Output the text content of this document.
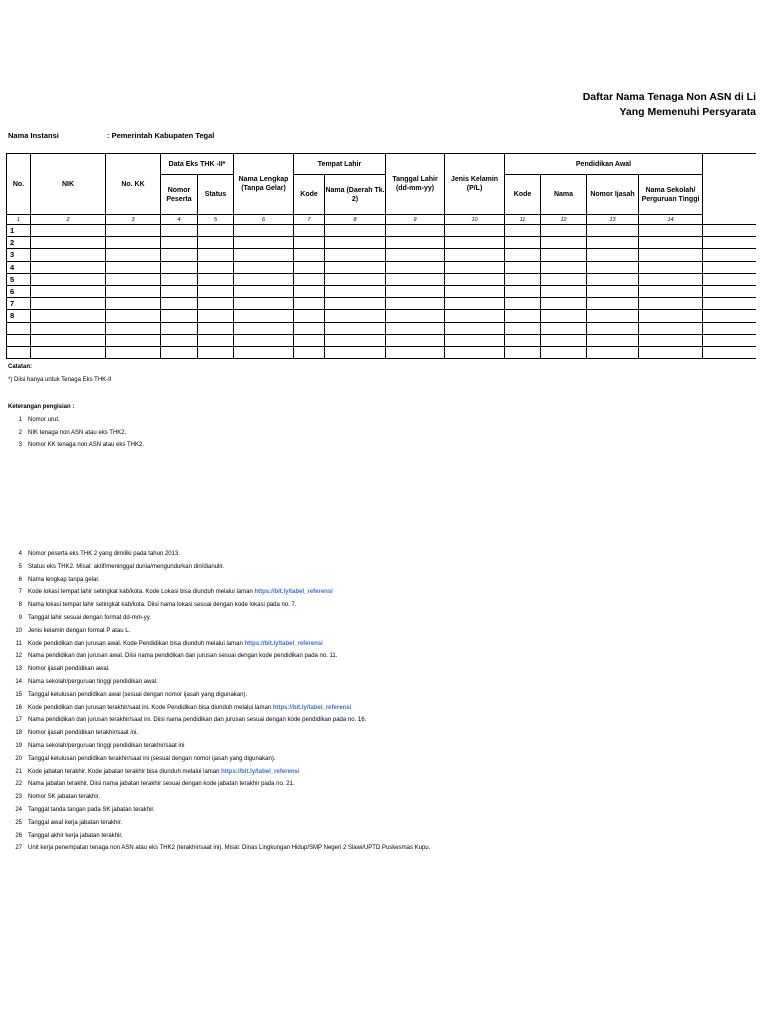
Daftar Nama Tenaga Non ASN di Li
Yang Memenuhi Persyarata
Nama Instansi	: Pemerintah Kabupaten Tegal
No.	NIK	No. KK	Data Eks THK -II*		Nama Lengkap (Tanpa Gelar)	Tempat Lahir		Tanggal Lahir (dd-mm-yy)	Jenis Kelamin (P/L)	Pendidikan Awal				
			Nomor Peserta	Status		Kode	Nama (Daerah Tk. 2)			Kode	Nama	Nomor Ijasah	Nama Sekolah/ Perguruan Tinggi	
1	2	3	4	5	6	7	8	9	10	11	12	13	14	
1														
2														
3														
4														
5														
6														
7														
8														

Catatan:
*) Diisi hanya untuk Tenaga Eks THK-II
Keterangan pengisian :
1 Nomor urut.
2 NIK tenaga non ASN atau eks THK2.
3 Nomor KK tenaga non ASN atau eks THK2.
4 Nomor peserta eks THK 2 yang dimiliki pada tahun 2013.
5 Status eks THK2. Misal: aktif/meninggal dunia/mengundurkan diri/dianulir.
6 Nama lengkap tanpa gelar.
7 Kode lokasi tempat lahir setingkat kab/kota. Kode Lokasi bisa diunduh melalui laman https://bit.ly/tabel_referensi
8 Nama lokasi tempat lahir setingkat kab/kota. Diisi nama lokasi sesuai dengan kode lokasi pada no. 7.
9 Tanggal lahir sesuai dengan format dd-mm-yy.
10 Jenis kelamin dengan format P atau L.
11 Kode pendidikan dan jurusan awal. Kode Pendidikan bisa diunduh melalui laman https://bit.ly/tabel_referensi
12 Nama pendidikan dan jurusan awal. Diisi nama pendidikan dan jurusan sesuai dengan kode pendidikan pada no. 11.
13 Nomor ijasah pendidikan awal.
14 Nama sekolah/perguruan tinggi pendidikan awal.
15 Tanggal kelulusan pendidikan awal (sesuai dengan nomor ijasah yang digunakan).
16 Kode pendidikan dan jurusan terakhir/saat ini. Kode Pendidikan bisa diunduh melalui laman https://bit.ly/tabel_referensi
17 Nama pendidikan dan jurusan terakhir/saat ini. Diisi nama pendidikan dan jurusan sesuai dengan kode pendidikan pada no. 16.
18 Nomor ijasah pendidikan terakhir/saat ini.
19 Nama sekolah/perguruan tinggi pendidikan terakhir/saat ini
20 Tanggal kelulusan pendidikan terakhir/saat ini (sesuai dengan nomor ijasah yang digunakan).
21 Kode jabatan terakhir. Kode jabatan terakhir bisa diunduh melalui laman https://bit.ly/tabel_referensi
22 Nama jabatan terakhir. Diisi nama jabatan terakhir sesuai dengan kode jabatan terakhir pada no. 21.
23 Nomor SK jabatan terakhir.
24 Tanggal tanda tangan pada SK jabatan terakhir.
25 Tanggal awal kerja jabatan terakhir.
26 Tanggal akhir kerja jabatan terakhir.
27 Unit kerja penempatan tenaga non ASN atau eks THK2 (terakhir/saat ini). Misal: Dinas Lingkungan Hidup/SMP Negeri 2 Slawi/UPTD Puskesmas Kupu.
